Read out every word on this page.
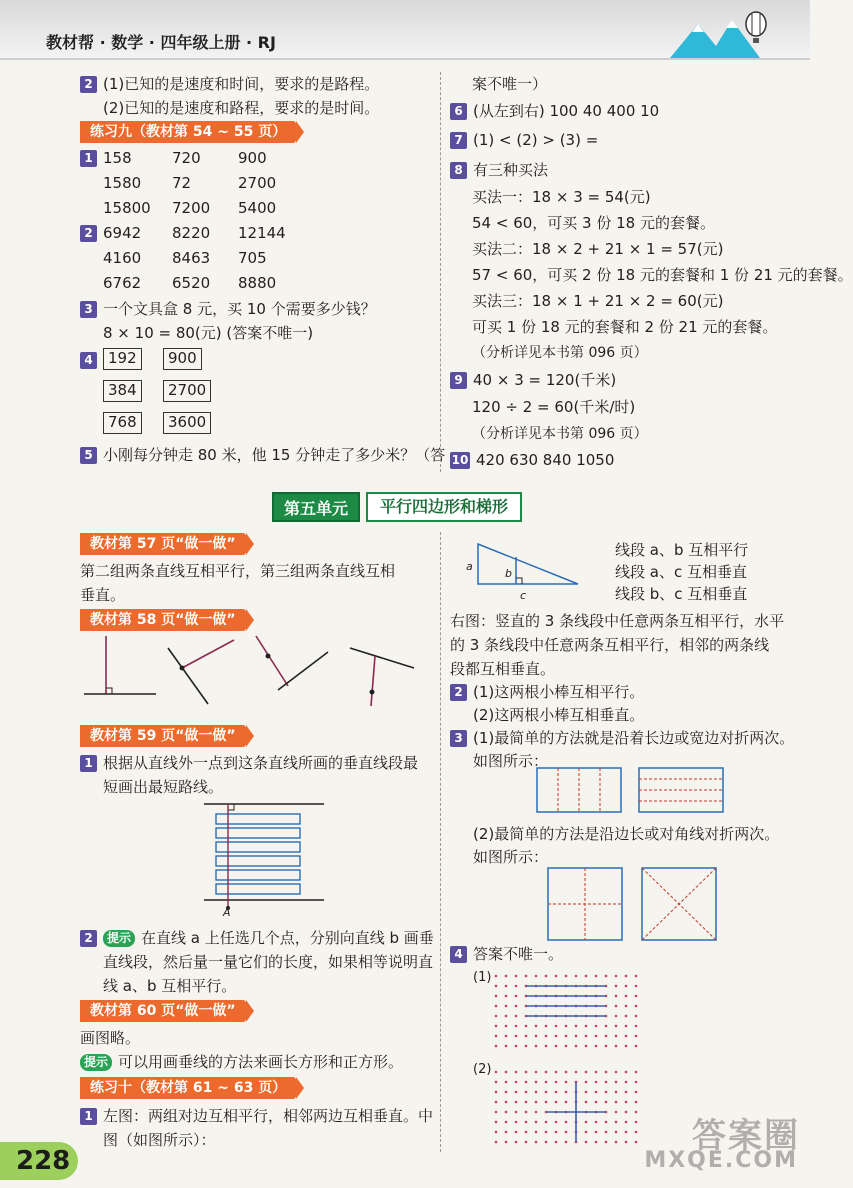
教材帮 · 数学 · 四年级上册 · RJ
2 (1)已知的是速度和时间，要求的是路程。
(2)已知的是速度和路程，要求的是时间。
练习九（教材第 54 ~ 55 页）
1 158	720 900
1580 72	2700
15800 7200 5400
2 6942 8220 12144
4160 8463 705
6762 6520 8880
3 一个文具盒 8 元，买 10 个需要多少钱？
8 × 10 = 80(元) (答案不唯一)
4	192	900
384	2700
768	3600
5 小刚每分钟走 80 米，他 15 分钟走了多少米？（答
案不唯一）
6 (从左到右) 100 40 400 10
7 (1) < (2) > (3) =
8 有三种买法
买法一：18 × 3 = 54(元)
54 < 60，可买 3 份 18 元的套餐。
买法二：18 × 2 + 21 × 1 = 57(元)
57 < 60，可买 2 份 18 元的套餐和 1 份 21 元的套餐。
买法三：18 × 1 + 21 × 2 = 60(元)
可买 1 份 18 元的套餐和 2 份 21 元的套餐。
（分析详见本书第 096 页）
9 40 × 3 = 120(千米)
120 ÷ 2 = 60(千米/时)
（分析详见本书第 096 页）
10 420 630 840 1050
第五单元	平行四边形和梯形
教材第 57 页“做一做”
第二组两条直线互相平行，第三组两条直线互相
垂直。
教材第 58 页“做一做”
教材第 59 页“做一做”
1 根据从直线外一点到这条直线所画的垂直线段最
短画出最短路线。
A
2 提示 在直线 a 上任选几个点，分别向直线 b 画垂
直线段，然后量一量它们的长度，如果相等说明直
线 a、b 互相平行。
教材第 60 页“做一做”
画图略。
提示 可以用画垂线的方法来画长方形和正方形。
练习十（教材第 61 ~ 63 页）
1 左图：两组对边互相平行，相邻两边互相垂直。中
图（如图所示）：
a
b
c
线段 a、b 互相平行
线段 a、c 互相垂直
线段 b、c 互相垂直
右图：竖直的 3 条线段中任意两条互相平行，水平
的 3 条线段中任意两条互相平行，相邻的两条线
段都互相垂直。
2 (1)这两根小棒互相平行。
(2)这两根小棒互相垂直。
3 (1)最简单的方法就是沿着长边或宽边对折两次。
如图所示：
(2)最简单的方法是沿边长或对角线对折两次。
如图所示：
4 答案不唯一。
(1)
(2)
228
答案圈
MXQE.COM
